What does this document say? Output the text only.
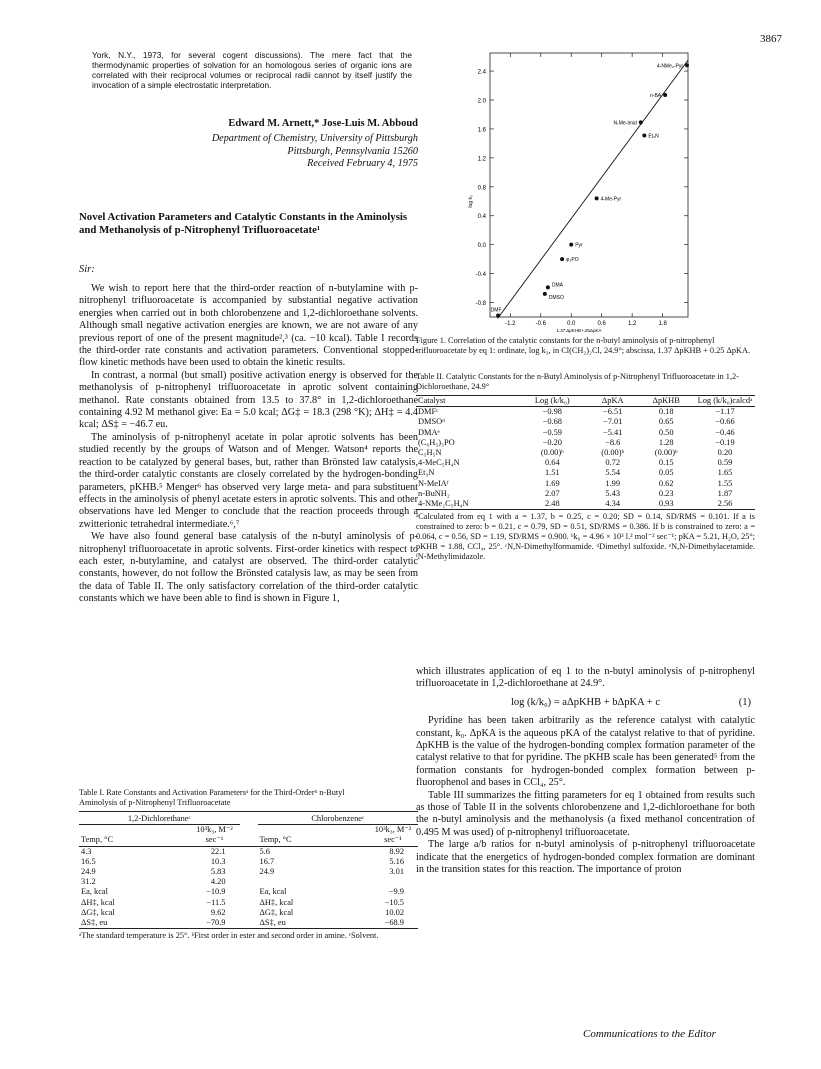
3867
York, N.Y., 1973, for several cogent discussions). The mere fact that the thermodynamic properties of solvation for an homologous series of organic ions are correlated with their reciprocal volumes or reciprocal radii cannot by itself justify the invocation of a simple electrostatic interpretation.
Edward M. Arnett,* Jose-Luis M. Abboud
Department of Chemistry, University of Pittsburgh
Pittsburgh, Pennsylvania 15260
Received February 4, 1975
Novel Activation Parameters and Catalytic Constants in the Aminolysis and Methanolysis of p-Nitrophenyl Trifluoroacetate¹
Sir:

We wish to report here that the third-order reaction of n-butylamine with p-nitrophenyl trifluoroacetate is accompanied by substantial negative activation energies when carried out in both chlorobenzene and 1,2-dichloroethane solvents. Although small negative activation energies are known, we are not aware of any previous report of one of the present magnitude²,³ (ca. −10 kcal). Table I records the third-order rate constants and activation parameters. Conventional stopped-flow kinetic methods have been used to obtain the kinetic results.

In contrast, a normal (but small) positive activation energy is observed for the methanolysis of p-nitrophenyl trifluoroacetate in aprotic solvent containing methanol. Rate constants obtained from 13.5 to 37.8° in 1,2-dichloroethane containing 4.92 M methanol give: Ea = 5.0 kcal; ΔG‡ = 18.3 (298 °K); ΔH‡ = 4.4 kcal; ΔS‡ = −46.7 eu.

The aminolysis of p-nitrophenyl acetate in polar aprotic solvents has been studied recently by the groups of Watson and of Menger. Watson⁴ reports the reaction to be catalyzed by general bases, but, rather than Brönsted law catalysis, the third-order catalytic constants are closely correlated by the hydrogen-bonding parameters, pKHB.⁵ Menger⁶ has observed very large meta- and para substituent effects in the aminolysis of phenyl acetate esters in aprotic solvents. This and other observations have led Menger to conclude that the reaction proceeds through a zwitterionic tetrahedral intermediate.⁶,⁷

We have also found general base catalysis of the n-butyl aminolysis of p-nitrophenyl trifluoroacetate in aprotic solvents. First-order kinetics with respect to each ester, n-butylamine, and catalyst are observed. The third-order catalytic constants, however, do not follow the Brönsted catalysis law, as may be seen from the data of Table II. The only satisfactory correlation of the third-order catalytic constants which we have been able to find is shown in Figure 1,

Table I. Rate Constants and Activation Parametersᵃ for the Third-Orderᵇ n-Butyl Aminolysis of p-Nitrophenyl Trifluoroacetate
1,2-Dichlorethaneᶜ			Chlorobenzeneᶜ	
Temp, °C	10³k₃, M⁻² sec⁻¹		Temp, °C	10³k₃, M⁻² sec⁻¹
4.3	22.1		5.6	8.92
16.5	10.3		16.7	5.16
24.9	5.83		24.9	3.01
31.2	4.20			
Ea, kcal	−10.9		Ea, kcal	−9.9
ΔH‡, kcal	−11.5		ΔH‡, kcal	−10.5
ΔG‡, kcal	9.62		ΔG‡, kcal	10.02
ΔS‡, eu	−70.9		ΔS‡, eu	−68.9
ᵃThe standard temperature is 25°. ᵇFirst order in ester and second order in amine. ᶜSolvent.
2.4
2.0
1.6
1.2
0.8
0.4
0.0
-0.4
-0.8
-1.2	-0.6	0.0	0.6	1.2	1.8
1.37 ΔpKHB+.25ΔpKA
log k₃
4-NMe₂-Pyr
n-BA
N-Me-Imid
Et₃N
4-Me-Pyr
Pyr
φ₃PO
DMA
DMSO
DMF
Figure 1. Correlation of the catalytic constants for the n-butyl aminolysis of p-nitrophenyl trifluoroacetate by eq 1: ordinate, log k₃, in Cl(CH₂)₂Cl, 24.9°; abscissa, 1.37 ΔpKHB + 0.25 ΔpKA.
Table II. Catalytic Constants for the n-Butyl Aminolysis of p-Nitrophenyl Trifluoroacetate in 1,2-Dichloroethane, 24.9°
Catalyst	Log (k/k₀)	ΔpKA	ΔpKHB	Log (k/k₀)calcdᵃ
DMFᶜ	−0.98	−6.51	0.18	−1.17
DMSOᵈ	−0.68	−7.01	0.65	−0.66
DMAᵉ	−0.59	−5.41	0.50	−0.46
(C₆H₅)₃PO	−0.20	−8.6	1.28	−0.19
C₅H₅N	(0.00)ᵇ	(0.00)ᵇ	(0.00)ᵇ	0.20
4-MeC₅H₄N	0.64	0.72	0.15	0.59
Et₃N	1.51	5.54	0.05	1.65
N-MeIAᶠ	1.69	1.99	0.62	1.55
n-BuNH₂	2.07	5.43	0.23	1.87
4-NMe₂C₅H₄N	2.48	4.34	0.93	2.56
ᵃCalculated from eq 1 with a = 1.37, b = 0.25, c = 0.20; SD = 0.14, SD/RMS = 0.101. If a is constrained to zero: b = 0.21, c = 0.79, SD = 0.51, SD/RMS = 0.386. If b is constrained to zero: a = 0.064, c = 0.56, SD = 1.19, SD/RMS = 0.900. ᵇk₀ = 4.96 × 10³ l.² mol⁻² sec⁻¹; pKA = 5.21, H₂O, 25°; pKHB = 1.88, CCl₄, 25°. ᶜN,N-Dimethylformamide. ᵈDimethyl sulfoxide. ᵉN,N-Dimethylacetamide. ᶠN-Methylimidazole.

which illustrates application of eq 1 to the n-butyl aminolysis of p-nitrophenyl trifluoroacetate in 1,2-dichloroethane at 24.9°.

log (k/k₀) = aΔpKHB + bΔpKA + c	(1)

Pyridine has been taken arbitrarily as the reference catalyst with catalytic constant, k₀. ΔpKA is the aqueous pKA of the catalyst relative to that of pyridine. ΔpKHB is the value of the hydrogen-bonding complex formation parameter of the catalyst relative to that for pyridine. The pKHB scale has been generated⁵ from the formation constants for hydrogen-bonded complex formation between p-fluorophenol and bases in CCl₄, 25°.

Table III summarizes the fitting parameters for eq 1 obtained from results such as those of Table II in the solvents chlorobenzene and 1,2-dichloroethane for both the n-butyl aminolysis and the methanolysis (a fixed methanol concentration of 0.495 M was used) of p-nitrophenyl trifluoroacetate.

The large a/b ratios for n-butyl aminolysis of p-nitrophenyl trifluoroacetate indicate that the energetics of hydrogen-bonded complex formation are dominant in the transition states for this reaction. The importance of proton

Communications to the Editor
